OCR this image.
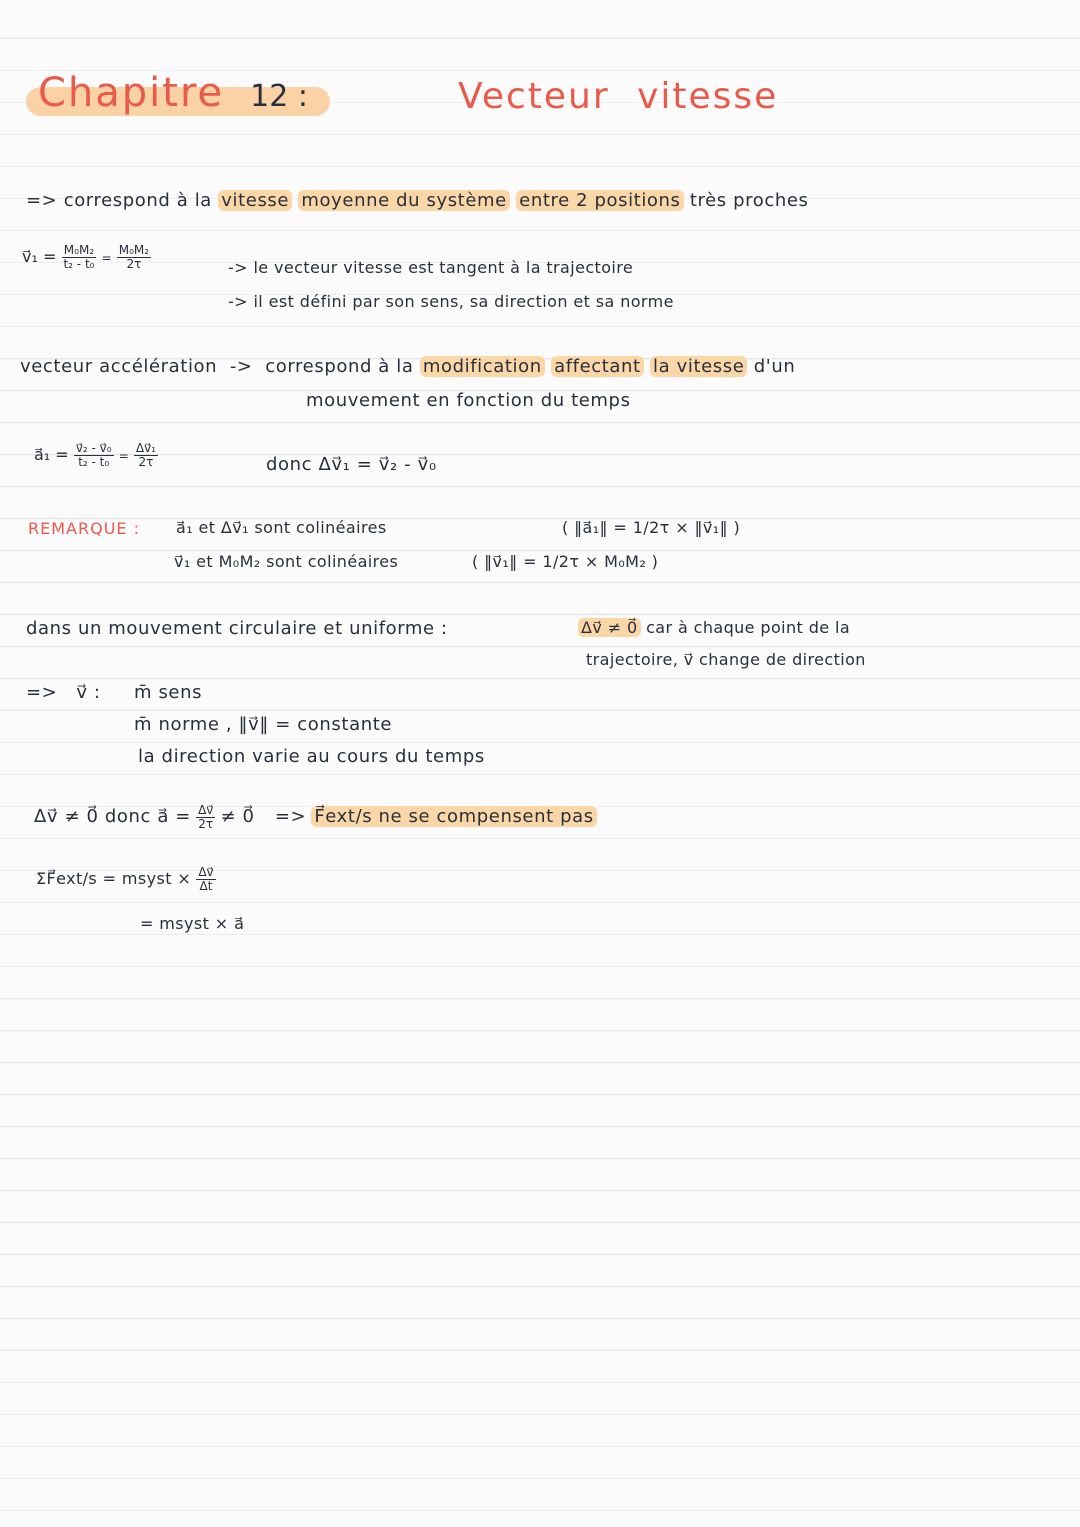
Chapitre 12 :	Vecteur vitesse
=> correspond à la vitesse moyenne du système entre 2 positions très proches
v⃗₁ = $\frac{\text{M₀M₂}}{\text{t₂ - t₀}} = \frac{\text{M₀M₂}}{2\tau}$	-> le vecteur vitesse est tangent à la trajectoire
-> il est défini par son sens, sa direction et sa norme
vecteur accélération -> correspond à la modification affectant la vitesse d'un
mouvement en fonction du temps
a⃗₁ = $\frac{\text{v⃗₂ - v⃗₀}}{\text{t₂ - t₀}} = \frac{\text{Δv⃗₁}}{2\tau}$	donc Δv⃗₁ = v⃗₂ - v⃗₀
REMARQUE : a⃗₁ et Δv⃗₁ sont colinéaires	( ‖a⃗₁‖ = 1/2τ × ‖v⃗₁‖ )
v⃗₁ et M₀M₂ sont colinéaires	( ‖v⃗₁‖ = 1/2τ × M₀M₂ )
dans un mouvement circulaire et uniforme :	Δv⃗ ≠ 0⃗ car à chaque point de la
trajectoire, v⃗ change de direction
=> v⃗ : m̄ sens
m̄ norme , ‖v⃗‖ = constante
la direction varie au cours du temps
Δv⃗ ≠ 0⃗ donc a⃗ = $\frac{\Delta v⃗}{2\tau}$ ≠ 0⃗ => F⃗ext/s ne se compensent pas
ΣF⃗ext/s = msyst × $\frac{\Delta v⃗}{\Delta t}$
= msyst × a⃗
